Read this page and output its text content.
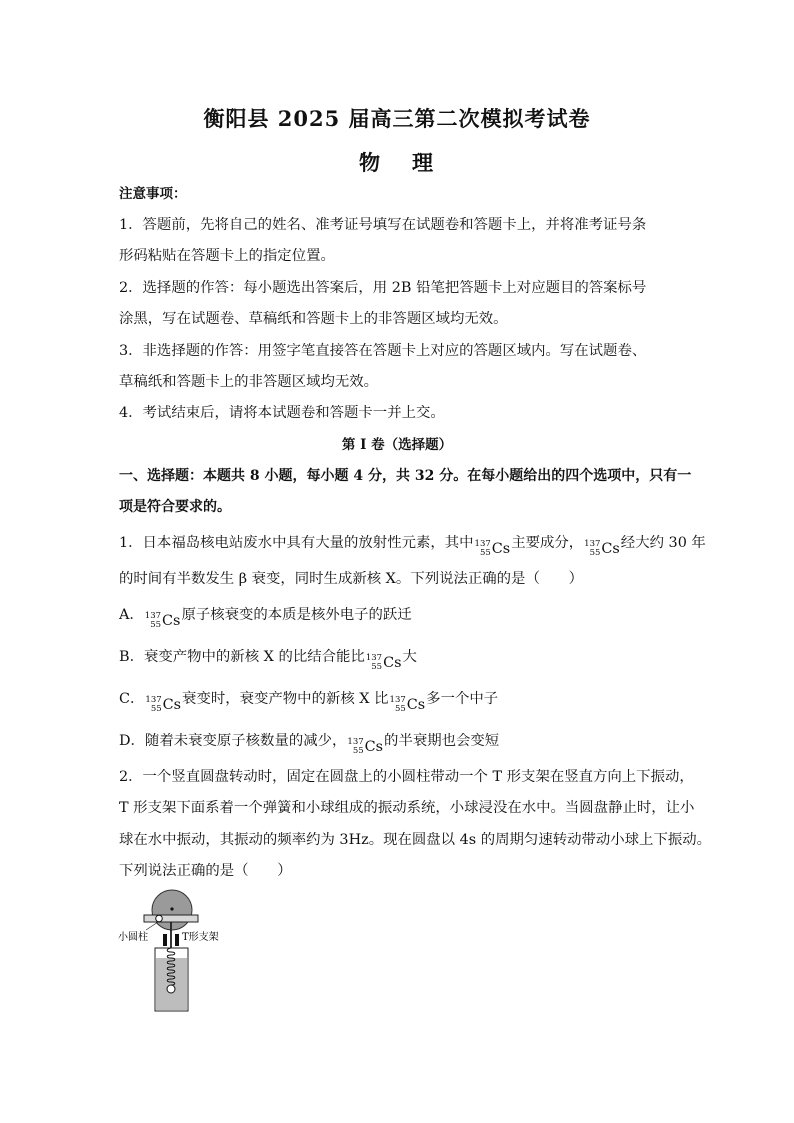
衡阳县 2025 届高三第二次模拟考试卷
物 理
注意事项：
1．答题前，先将自己的姓名、准考证号填写在试题卷和答题卡上，并将准考证号条
形码粘贴在答题卡上的指定位置。
2．选择题的作答：每小题选出答案后，用 2B 铅笔把答题卡上对应题目的答案标号
涂黑，写在试题卷、草稿纸和答题卡上的非答题区域均无效。
3．非选择题的作答：用签字笔直接答在答题卡上对应的答题区域内。写在试题卷、
草稿纸和答题卡上的非答题区域均无效。
4．考试结束后，请将本试题卷和答题卡一并上交。
第 I 卷（选择题）
一、选择题：本题共 8 小题，每小题 4 分，共 32 分。在每小题给出的四个选项中，只有一
项是符合要求的。
1．日本福岛核电站废水中具有大量的放射性元素，其中 137
55 Cs主要成分， 137
55 Cs经大约 30 年
的时间有半数发生 β 衰变，同时生成新核 X。下列说法正确的是（　　）
A． 137
55 Cs原子核衰变的本质是核外电子的跃迁
B．衰变产物中的新核 X 的比结合能比 137
55 Cs大
C． 137
55 Cs衰变时，衰变产物中的新核 X 比 137
55 Cs多一个中子
D．随着未衰变原子核数量的减少， 137
55 Cs的半衰期也会变短
2．一个竖直圆盘转动时，固定在圆盘上的小圆柱带动一个 T 形支架在竖直方向上下振动，
T 形支架下面系着一个弹簧和小球组成的振动系统，小球浸没在水中。当圆盘静止时，让小
球在水中振动，其振动的频率约为 3Hz。现在圆盘以 4s 的周期匀速转动带动小球上下振动。
下列说法正确的是（　　）
小圆柱	T形支架
